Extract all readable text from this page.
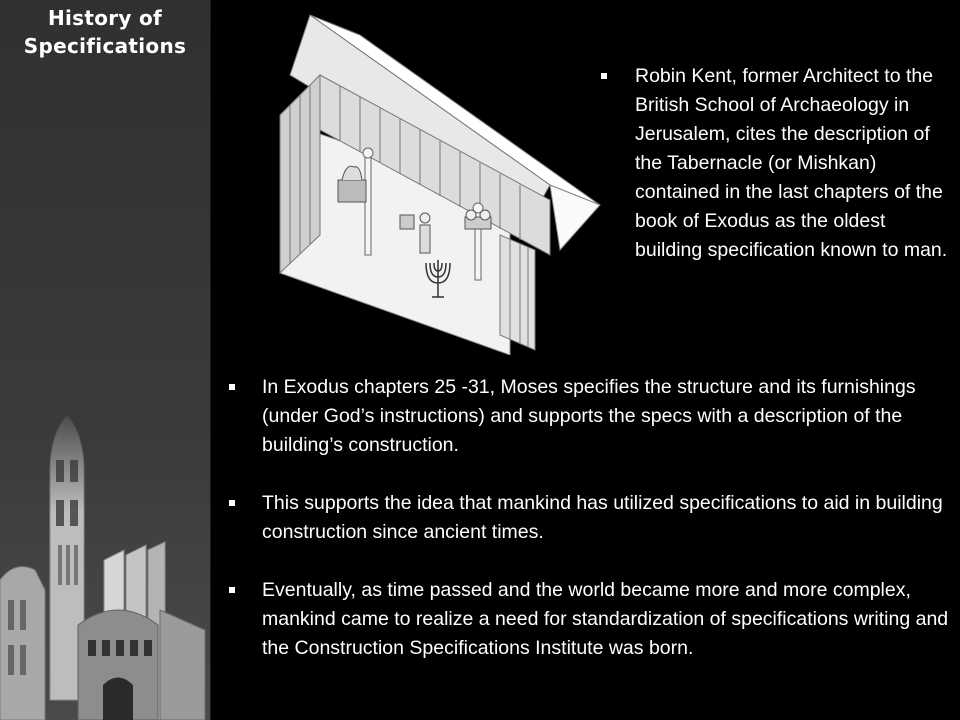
History of
Specifications
Robin Kent, former Architect to the British School of Archaeology in Jerusalem, cites the description of the Tabernacle (or Mishkan) contained in the last chapters of the book of Exodus as the oldest building specification known to man.
In Exodus chapters 25 -31, Moses specifies the structure and its furnishings (under God’s instructions) and supports the specs with a description of the building’s construction.
This supports the idea that mankind has utilized specifications to aid in building construction since ancient times.
Eventually, as time passed and the world became more and more complex, mankind came to realize a need for standardization of specifications writing and the Construction Specifications Institute was born.
